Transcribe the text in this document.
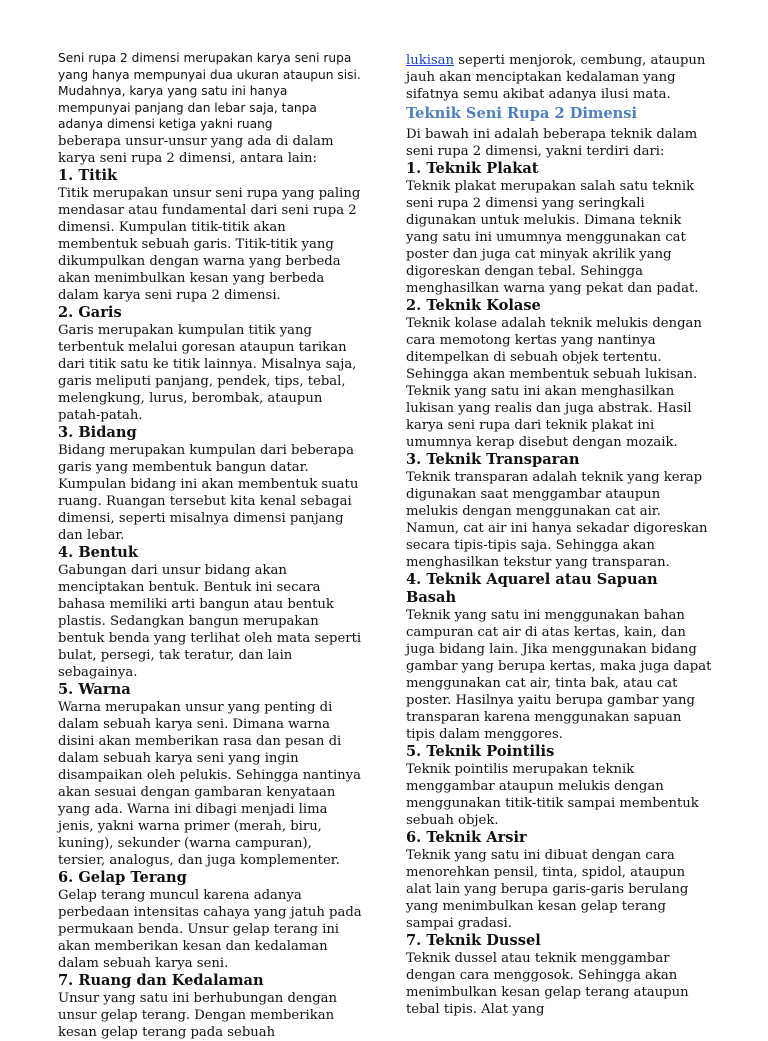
Seni rupa 2 dimensi merupakan karya seni rupa yang hanya mempunyai dua ukuran ataupun sisi. Mudahnya, karya yang satu ini hanya mempunyai panjang dan lebar saja, tanpa adanya dimensi ketiga yakni ruang

beberapa unsur-unsur yang ada di dalam karya seni rupa 2 dimensi, antara lain:

1. Titik

Titik merupakan unsur seni rupa yang paling mendasar atau fundamental dari seni rupa 2 dimensi. Kumpulan titik-titik akan membentuk sebuah garis. Titik-titik yang dikumpulkan dengan warna yang berbeda akan menimbulkan kesan yang berbeda dalam karya seni rupa 2 dimensi.

2. Garis

Garis merupakan kumpulan titik yang terbentuk melalui goresan ataupun tarikan dari titik satu ke titik lainnya. Misalnya saja, garis meliputi panjang, pendek, tips, tebal, melengkung, lurus, berombak, ataupun patah-patah.

3. Bidang

Bidang merupakan kumpulan dari beberapa garis yang membentuk bangun datar. Kumpulan bidang ini akan membentuk suatu ruang. Ruangan tersebut kita kenal sebagai dimensi, seperti misalnya dimensi panjang dan lebar.

4. Bentuk

Gabungan dari unsur bidang akan menciptakan bentuk. Bentuk ini secara bahasa memiliki arti bangun atau bentuk plastis. Sedangkan bangun merupakan bentuk benda yang terlihat oleh mata seperti bulat, persegi, tak teratur, dan lain sebagainya.

5. Warna

Warna merupakan unsur yang penting di dalam sebuah karya seni. Dimana warna disini akan memberikan rasa dan pesan di dalam sebuah karya seni yang ingin disampaikan oleh pelukis. Sehingga nantinya akan sesuai dengan gambaran kenyataan yang ada. Warna ini dibagi menjadi lima jenis, yakni warna primer (merah, biru, kuning), sekunder (warna campuran), tersier, analogus, dan juga komplementer.

6. Gelap Terang

Gelap terang muncul karena adanya perbedaan intensitas cahaya yang jatuh pada permukaan benda. Unsur gelap terang ini akan memberikan kesan dan kedalaman dalam sebuah karya seni.

7. Ruang dan Kedalaman

Unsur yang satu ini berhubungan dengan unsur gelap terang. Dengan memberikan kesan gelap terang pada sebuah

lukisan seperti menjorok, cembung, ataupun jauh akan menciptakan kedalaman yang sifatnya semu akibat adanya ilusi mata.

Teknik Seni Rupa 2 Dimensi

Di bawah ini adalah beberapa teknik dalam seni rupa 2 dimensi, yakni terdiri dari:

1. Teknik Plakat

Teknik plakat merupakan salah satu teknik seni rupa 2 dimensi yang seringkali digunakan untuk melukis. Dimana teknik yang satu ini umumnya menggunakan cat poster dan juga cat minyak akrilik yang digoreskan dengan tebal. Sehingga menghasilkan warna yang pekat dan padat.

2. Teknik Kolase

Teknik kolase adalah teknik melukis dengan cara memotong kertas yang nantinya ditempelkan di sebuah objek tertentu. Sehingga akan membentuk sebuah lukisan. Teknik yang satu ini akan menghasilkan lukisan yang realis dan juga abstrak. Hasil karya seni rupa dari teknik plakat ini umumnya kerap disebut dengan mozaik.

3. Teknik Transparan

Teknik transparan adalah teknik yang kerap digunakan saat menggambar ataupun melukis dengan menggunakan cat air. Namun, cat air ini hanya sekadar digoreskan secara tipis-tipis saja. Sehingga akan menghasilkan tekstur yang transparan.

4. Teknik Aquarel atau Sapuan Basah

Teknik yang satu ini menggunakan bahan campuran cat air di atas kertas, kain, dan juga bidang lain. Jika menggunakan bidang gambar yang berupa kertas, maka juga dapat menggunakan cat air, tinta bak, atau cat poster. Hasilnya yaitu berupa gambar yang transparan karena menggunakan sapuan tipis dalam menggores.

5. Teknik Pointilis

Teknik pointilis merupakan teknik menggambar ataupun melukis dengan menggunakan titik-titik sampai membentuk sebuah objek.

6. Teknik Arsir

Teknik yang satu ini dibuat dengan cara menorehkan pensil, tinta, spidol, ataupun alat lain yang berupa garis-garis berulang yang menimbulkan kesan gelap terang sampai gradasi.

7. Teknik Dussel

Teknik dussel atau teknik menggambar dengan cara menggosok. Sehingga akan menimbulkan kesan gelap terang ataupun tebal tipis. Alat yang
